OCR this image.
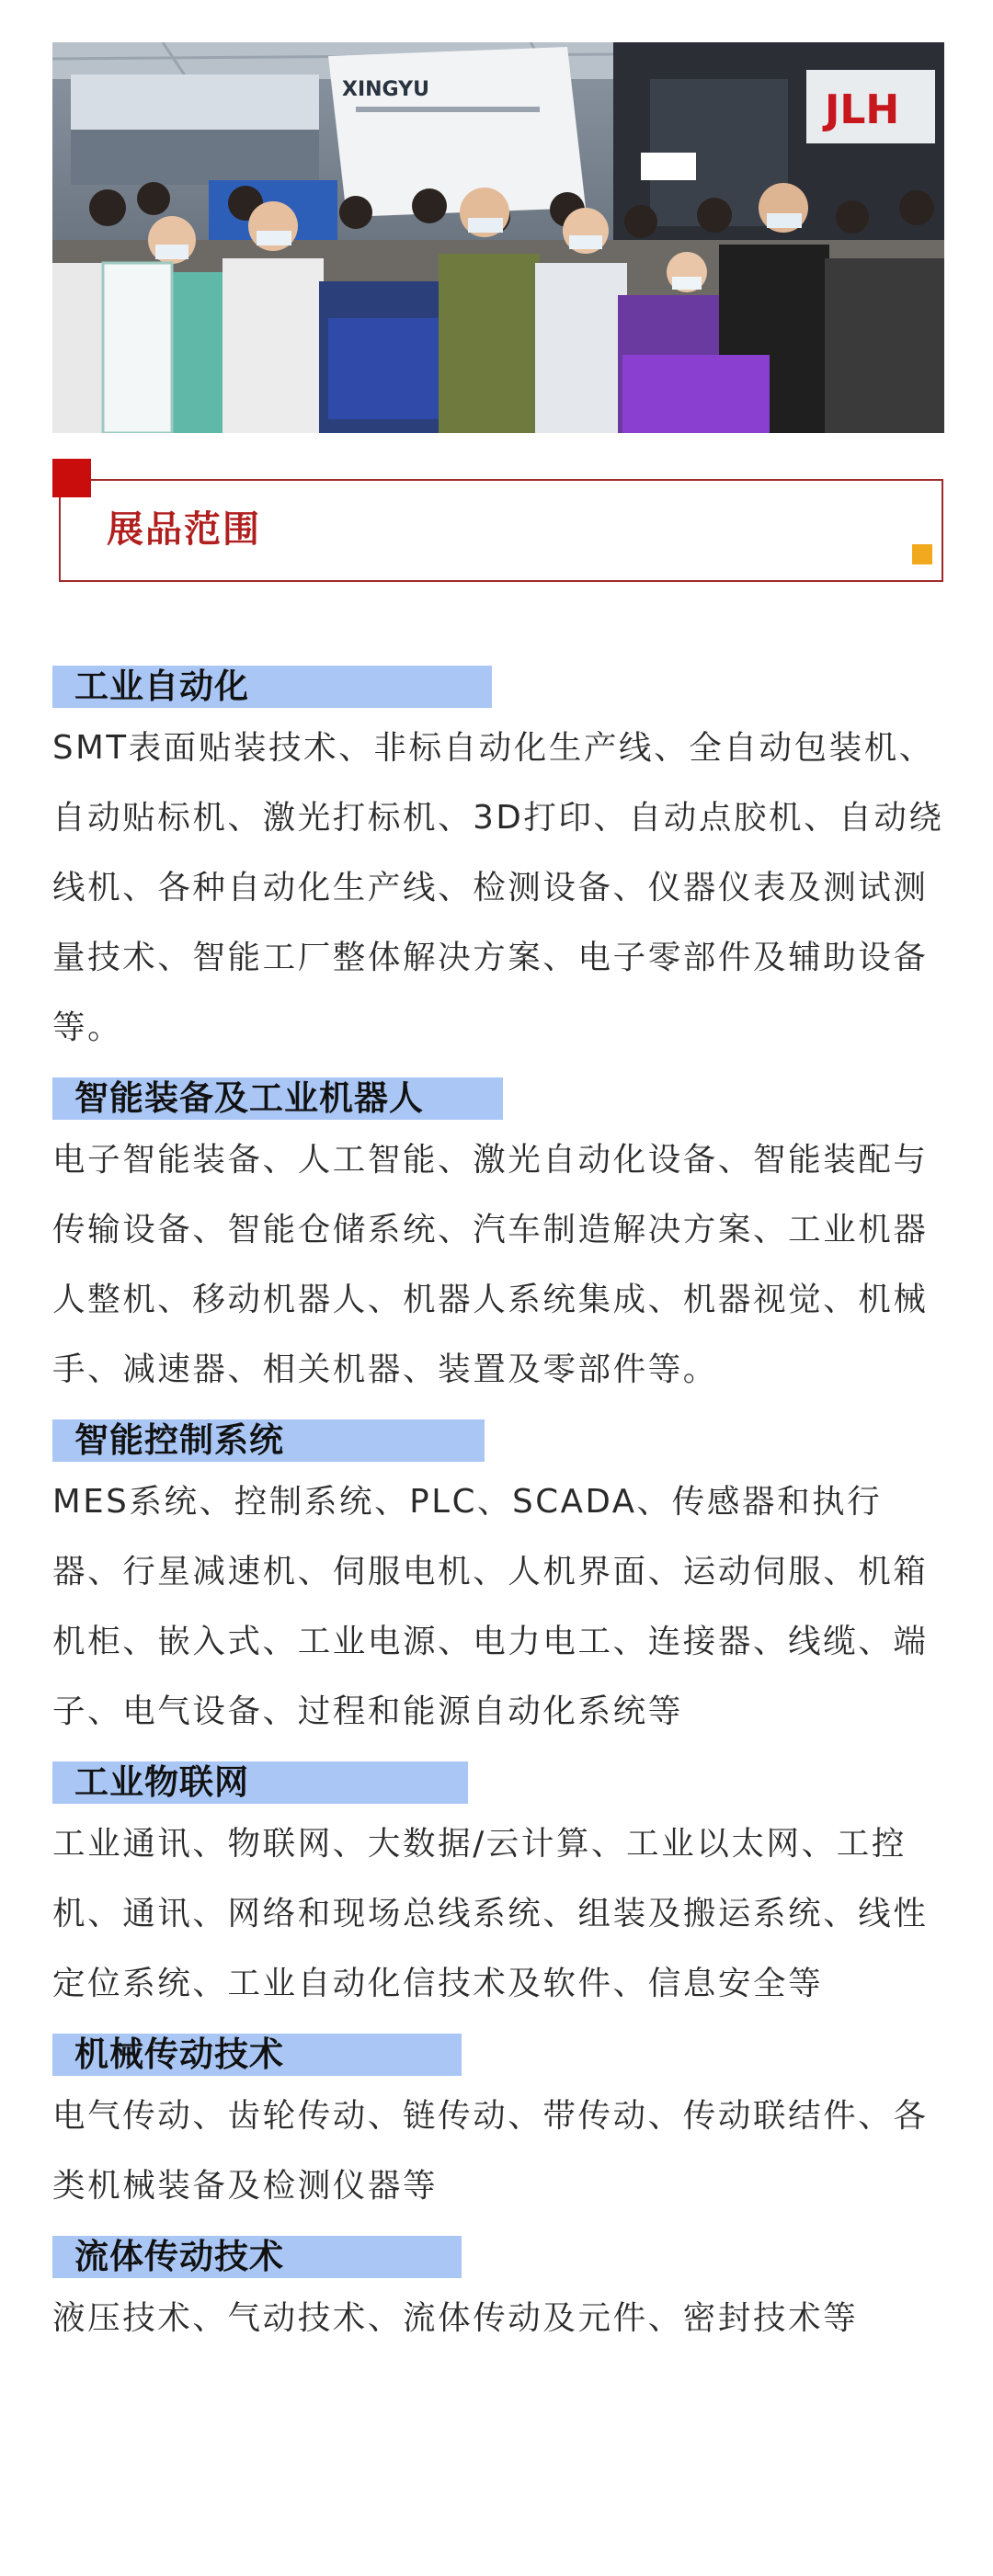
XINGYU	JLH
展品范围
工业自动化
SMT表面贴装技术、非标自动化生产线、全自动包装机、自动贴标机、激光打标机、3D打印、自动点胶机、自动绕线机、各种自动化生产线、检测设备、仪器仪表及测试测量技术、智能工厂整体解决方案、电子零部件及辅助设备等。
智能装备及工业机器人
电子智能装备、人工智能、激光自动化设备、智能装配与传输设备、智能仓储系统、汽车制造解决方案、工业机器人整机、移动机器人、机器人系统集成、机器视觉、机械手、减速器、相关机器、装置及零部件等。
智能控制系统
MES系统、控制系统、PLC、SCADA、传感器和执行器、行星减速机、伺服电机、人机界面、运动伺服、机箱机柜、嵌入式、工业电源、电力电工、连接器、线缆、端子、电气设备、过程和能源自动化系统等
工业物联网
工业通讯、物联网、大数据/云计算、工业以太网、工控机、通讯、网络和现场总线系统、组装及搬运系统、线性定位系统、工业自动化信技术及软件、信息安全等
机械传动技术
电气传动、齿轮传动、链传动、带传动、传动联结件、各类机械装备及检测仪器等
流体传动技术
液压技术、气动技术、流体传动及元件、密封技术等
